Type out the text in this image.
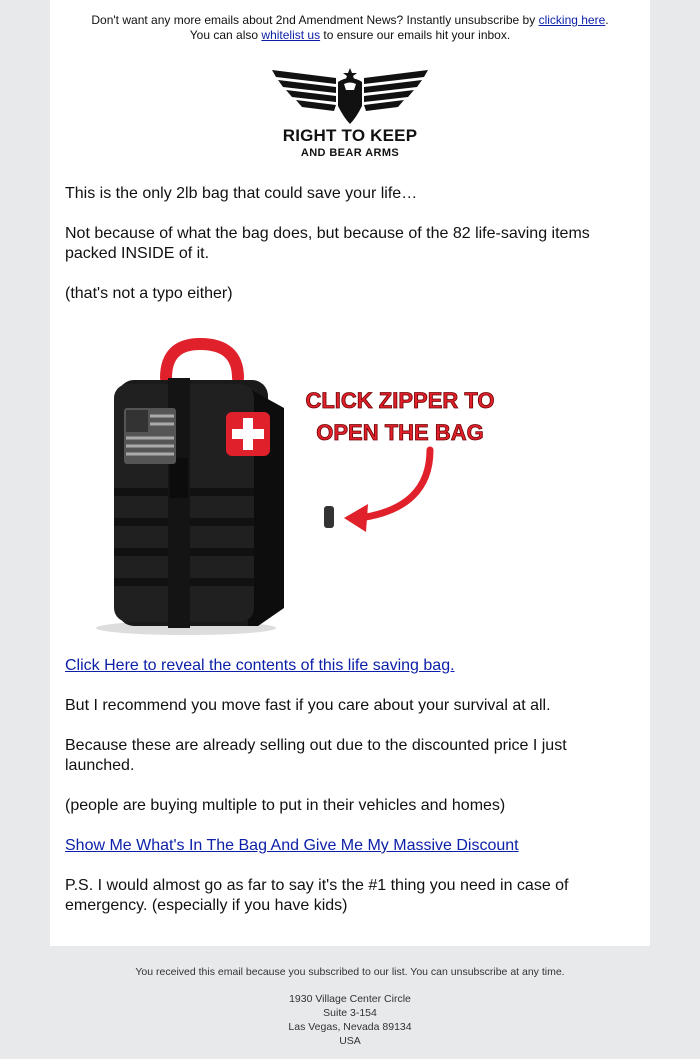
Don't want any more emails about 2nd Amendment News? Instantly unsubscribe by clicking here.
You can also whitelist us to ensure our emails hit your inbox.
RIGHT TO KEEP
AND BEAR ARMS
This is the only 2lb bag that could save your life…
Not because of what the bag does, but because of the 82 life-saving items packed INSIDE of it.
(that's not a typo either)
CLICK ZIPPER TO
OPEN THE BAG
Click Here to reveal the contents of this life saving bag.
But I recommend you move fast if you care about your survival at all.
Because these are already selling out due to the discounted price I just launched.
(people are buying multiple to put in their vehicles and homes)
Show Me What's In The Bag And Give Me My Massive Discount
P.S. I would almost go as far to say it's the #1 thing you need in case of emergency. (especially if you have kids)
You received this email because you subscribed to our list. You can unsubscribe at any time.
1930 Village Center Circle
Suite 3-154
Las Vegas, Nevada 89134
USA
